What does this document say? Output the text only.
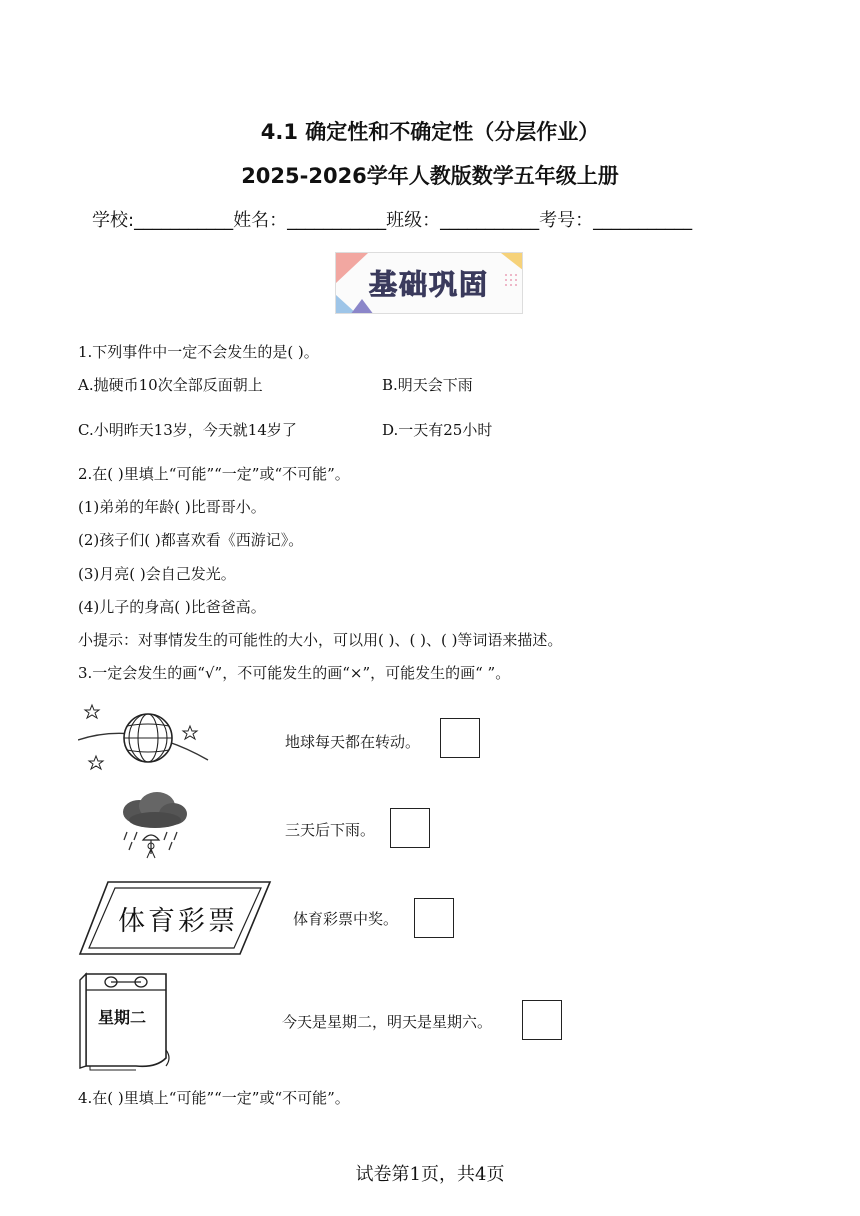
4.1 确定性和不确定性（分层作业）
2025-2026学年人教版数学五年级上册
学校:___________姓名：___________班级：___________考号：___________
基础巩固
1.下列事件中一定不会发生的是( )。
A.抛硬币10次全部反面朝上	B.明天会下雨
C.小明昨天13岁，今天就14岁了	D.一天有25小时
2.在( )里填上“可能”“一定”或“不可能”。
(1)弟弟的年龄( )比哥哥小。
(2)孩子们( )都喜欢看《西游记》。
(3)月亮( )会自己发光。
(4)儿子的身高( )比爸爸高。
小提示：对事情发生的可能性的大小，可以用( )、( )、( )等词语来描述。
3.一定会发生的画“√”，不可能发生的画“×”，可能发生的画“ ”。
地球每天都在转动。
三天后下雨。
体育彩票	体育彩票中奖。
星期二	今天是星期二，明天是星期六。
4.在( )里填上“可能”“一定”或“不可能”。
试卷第1页，共4页
